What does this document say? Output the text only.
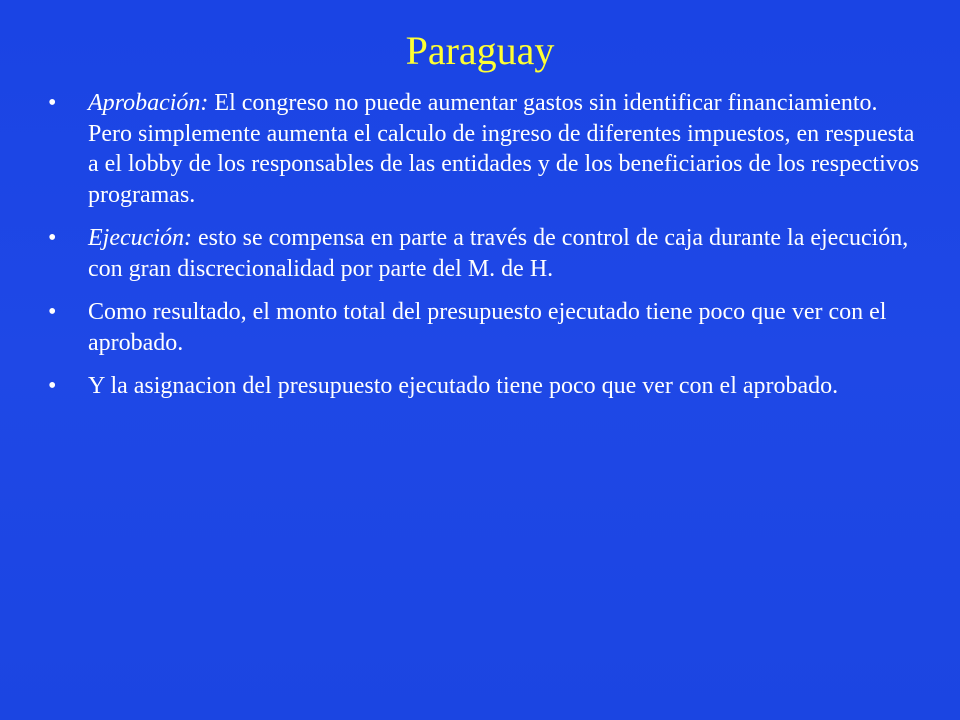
Paraguay
• Aprobación: El congreso no puede aumentar gastos sin identificar financiamiento. Pero simplemente aumenta el calculo de ingreso de diferentes impuestos, en respuesta a el lobby de los responsables de las entidades y de los beneficiarios de los respectivos programas.
• Ejecución: esto se compensa en parte a través de control de caja durante la ejecución, con gran discrecionalidad por parte del M. de H.
• Como resultado, el monto total del presupuesto ejecutado tiene poco que ver con el aprobado.
• Y la asignacion del presupuesto ejecutado tiene poco que ver con el aprobado.
